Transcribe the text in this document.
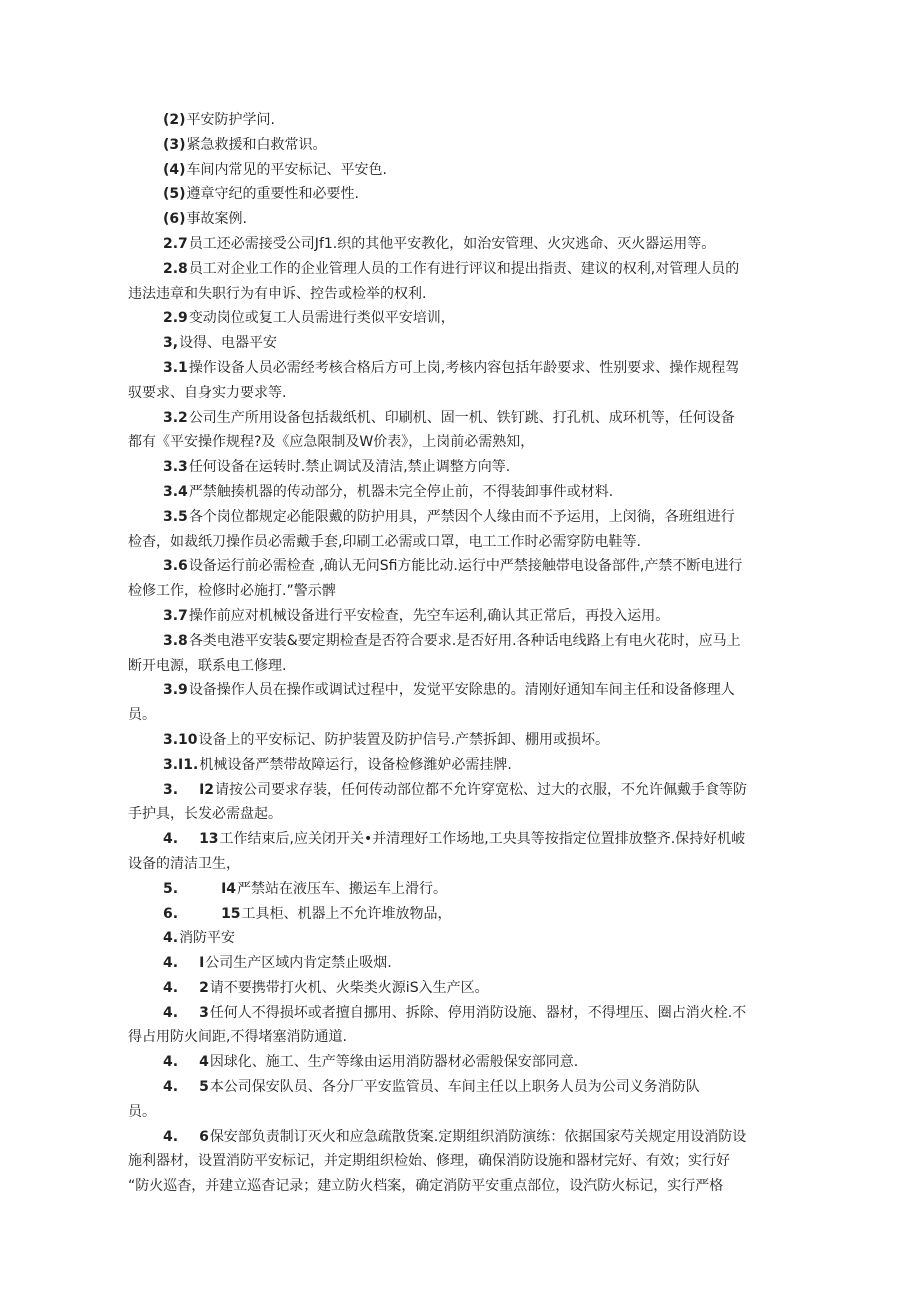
(2)平安防护学问.
(3)紧急救援和白救常识。
(4)车间内常见的平安标记、平安色.
(5)遵章守纪的重要性和必要性.
(6)事故案例.
2.7员工还必需接受公司Jf1.织的其他平安教化，如治安管理、火灾逃命、灭火器运用等。
2.8员工对企业工作的企业管理人员的工作有进行评议和提出指责、建议的权利,对管理人员的
违法违章和失职行为有申诉、控告或检举的权利.
2.9变动岗位或复工人员需进行类似平安培训，
3,设得、电器平安
3.1操作设备人员必需经考核合格后方可上岗,考核内容包括年龄要求、性别要求、操作规程驾
驭要求、自身实力要求等.
3.2公司生产所用设备包括裁纸机、印刷机、固一机、铁钉跳、打孔机、成环机等，任何设备
都有《平安操作规程?及《应急限制及W价表》，上岗前必需熟知，
3.3任何设备在运转时.禁止调试及清洁,禁止调整方向等.
3.4严禁触揍机器的传动部分，机器未完全停止前，不得装卸事件或材料.
3.5各个岗位都规定必能限戴的防护用具，严禁因个人缘由而不予运用，上闵徜，各班组进行
检杳，如裁纸刀操作员必需戴手套,印刷工必需或口罩，电工工作时必需穿防电鞋等.
3.6设备运行前必需检查 ,确认无问Sfi方能比动.运行中严禁接触帯电设备部件,产禁不断电进行
检修工作，检修时必施打.”警示髀
3.7操作前应对机械设备进行平安检查，先空车运利,确认其正常后，再投入运用。
3.8各类电港平安装&要定期检查是否符合要求.是否好用.各种话电线路上有电火花时，应马上
断开电源，联系电工修理.
3.9设备操作人员在操作或调试过程中，发觉平安除患的。清刚好通知车间主任和设备修理人
员。
3.10设备上的平安标记、防护装置及防护信号.产禁拆卸、棚用或损坏。
3.I1.机械设备严禁带故障运行，设备检修潍妒必需挂牌.
3. I2请按公司要求存装，任何传动部位都不允许穿宽松、过大的衣服，不允许佩戴手食等防
手护具，长发必需盘起。
4. 13工作结束后,应关闭开关•并清理好工作场地,工央具等按指定位置排放整齐.保持好机岥
设备的清洁卫生，
5.	I4严禁站在液压车、搬运车上滑行。
6.	15工具柜、机器上不允许堆放物品，
4.消防平安
4. I公司生产区域内肯定禁止吸烟.
4. 2请不要携带打火机、火柴类火源iS入生产区。
4. 3任何人不得损坏或者擅自挪用、拆除、停用消防设施、器材，不得埋压、圈占消火栓.不
得占用防火间距,不得堵塞消防通道.
4. 4因球化、施工、生产等缘由运用消防器材必需般保安部同意.
4. 5本公司保安队员、各分厂平安监管员、车间主任以上职务人员为公司义务消防队
员。
4. 6保安部负责制订灭火和应急疏散货案.定期组织消防演练：依据国家芍关规定用设消防设
施利器材，设置消防平安标记，并定期组织检始、修理，确保消防设施和器材完好、有效；实行好
“防火巡杳，并建立巡杳记录；建立防火档案，确定消防平安重点部位，设汽防火标记，实行严格
